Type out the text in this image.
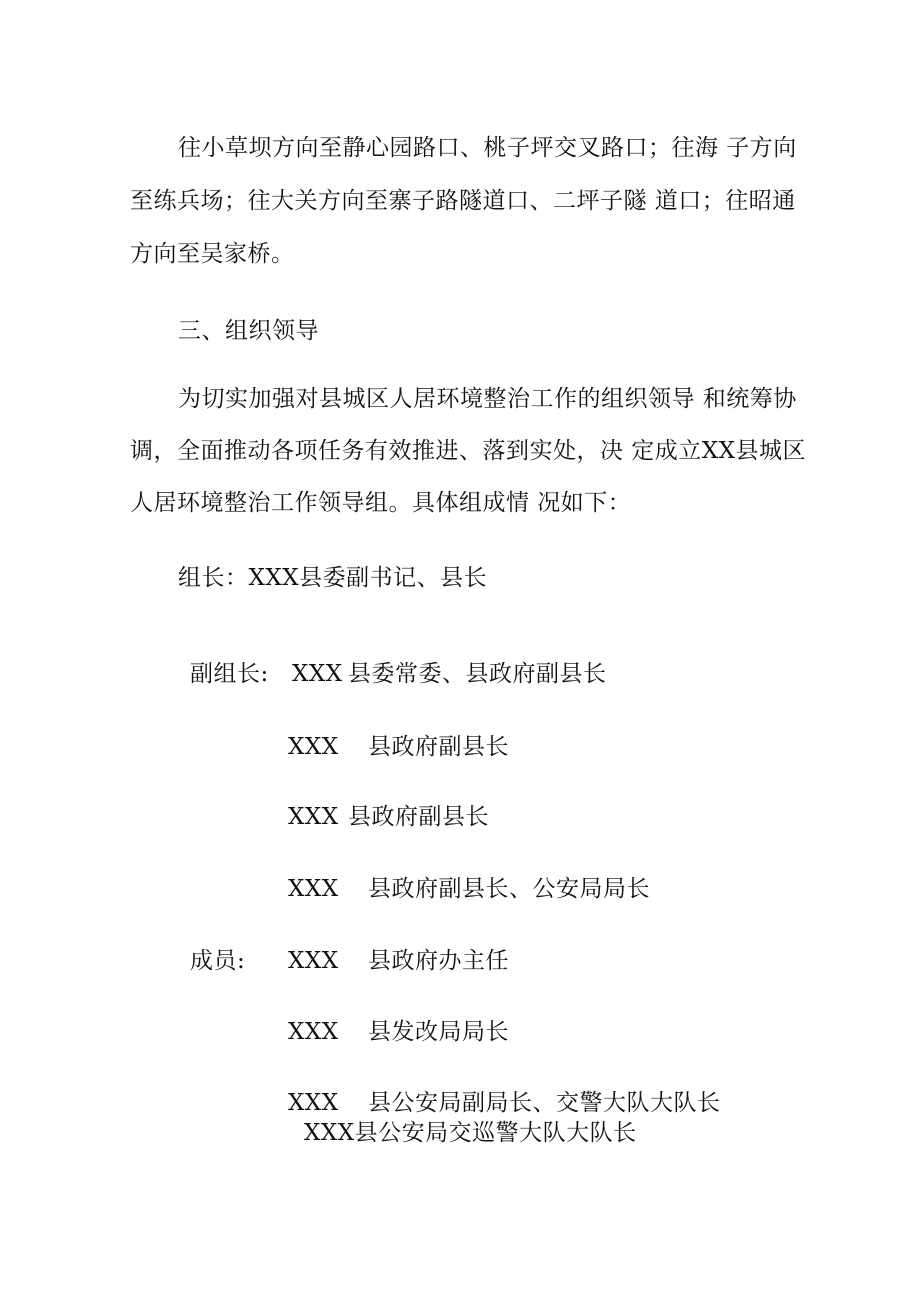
往小草坝方向至静心园路口、桃子坪交叉路口；往海 子方向
至练兵场；往大关方向至寨子路隧道口、二坪子隧 道口；往昭通
方向至吴家桥。
三、组织领导
为切实加强对县城区人居环境整治工作的组织领导 和统筹协
调，全面推动各项任务有效推进、落到实处，决 定成立XX县城区
人居环境整治工作领导组。具体组成情 况如下：
组长：XXX县委副书记、县长
副组长: XXX 县委常委、县政府副县长
XXX 县政府副县长
XXX 县政府副县长
XXX 县政府副县长、公安局局长
成员: XXX 县政府办主任
XXX 县发改局局长
XXX 县公安局副局长、交警大队大队长
XXX县公安局交巡警大队大队长
